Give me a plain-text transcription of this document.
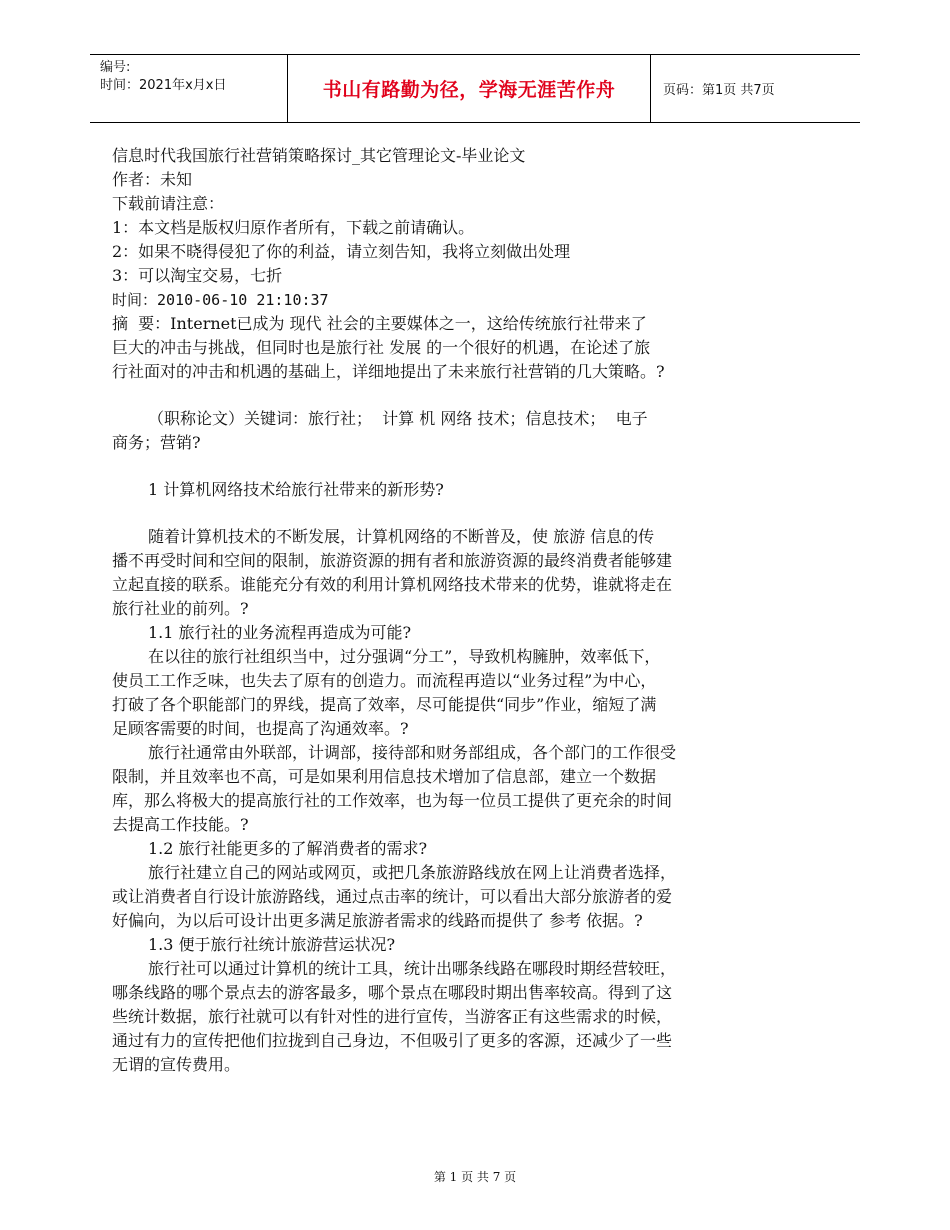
编号:
时间：2021年x月x日	书山有路勤为径，学海无涯苦作舟	页码：第1页 共7页
信息时代我国旅行社营销策略探讨_其它管理论文-毕业论文
作者：未知
下载前请注意：
1：本文档是版权归原作者所有，下载之前请确认。
2：如果不晓得侵犯了你的利益，请立刻告知，我将立刻做出处理
3：可以淘宝交易，七折
时间：2010-06-10 21:10:37
摘  要：Internet已成为 现代 社会的主要媒体之一，这给传统旅行社带来了
巨大的冲击与挑战，但同时也是旅行社 发展 的一个很好的机遇，在论述了旅
行社面对的冲击和机遇的基础上，详细地提出了未来旅行社营销的几大策略。?
（职称论文）关键词：旅行社；  计算 机 网络 技术；信息技术；  电子
商务；营销?
1 计算机网络技术给旅行社带来的新形势?
随着计算机技术的不断发展，计算机网络的不断普及，使 旅游 信息的传
播不再受时间和空间的限制，旅游资源的拥有者和旅游资源的最终消费者能够建
立起直接的联系。谁能充分有效的利用计算机网络技术带来的优势，谁就将走在
旅行社业的前列。?
1.1 旅行社的业务流程再造成为可能?
在以往的旅行社组织当中，过分强调“分工”，导致机构臃肿，效率低下，
使员工工作乏味，也失去了原有的创造力。而流程再造以“业务过程”为中心，
打破了各个职能部门的界线，提高了效率，尽可能提供“同步”作业，缩短了满
足顾客需要的时间，也提高了沟通效率。?
旅行社通常由外联部，计调部，接待部和财务部组成，各个部门的工作很受
限制，并且效率也不高，可是如果利用信息技术增加了信息部，建立一个数据
库，那么将极大的提高旅行社的工作效率，也为每一位员工提供了更充余的时间
去提高工作技能。?
1.2 旅行社能更多的了解消费者的需求?
旅行社建立自己的网站或网页，或把几条旅游路线放在网上让消费者选择，
或让消费者自行设计旅游路线，通过点击率的统计，可以看出大部分旅游者的爱
好偏向，为以后可设计出更多满足旅游者需求的线路而提供了 参考 依据。?
1.3 便于旅行社统计旅游营运状况?
旅行社可以通过计算机的统计工具，统计出哪条线路在哪段时期经营较旺，
哪条线路的哪个景点去的游客最多，哪个景点在哪段时期出售率较高。得到了这
些统计数据，旅行社就可以有针对性的进行宣传，当游客正有这些需求的时候，
通过有力的宣传把他们拉拢到自己身边，不但吸引了更多的客源，还减少了一些
无谓的宣传费用。
第 1 页 共 7 页
